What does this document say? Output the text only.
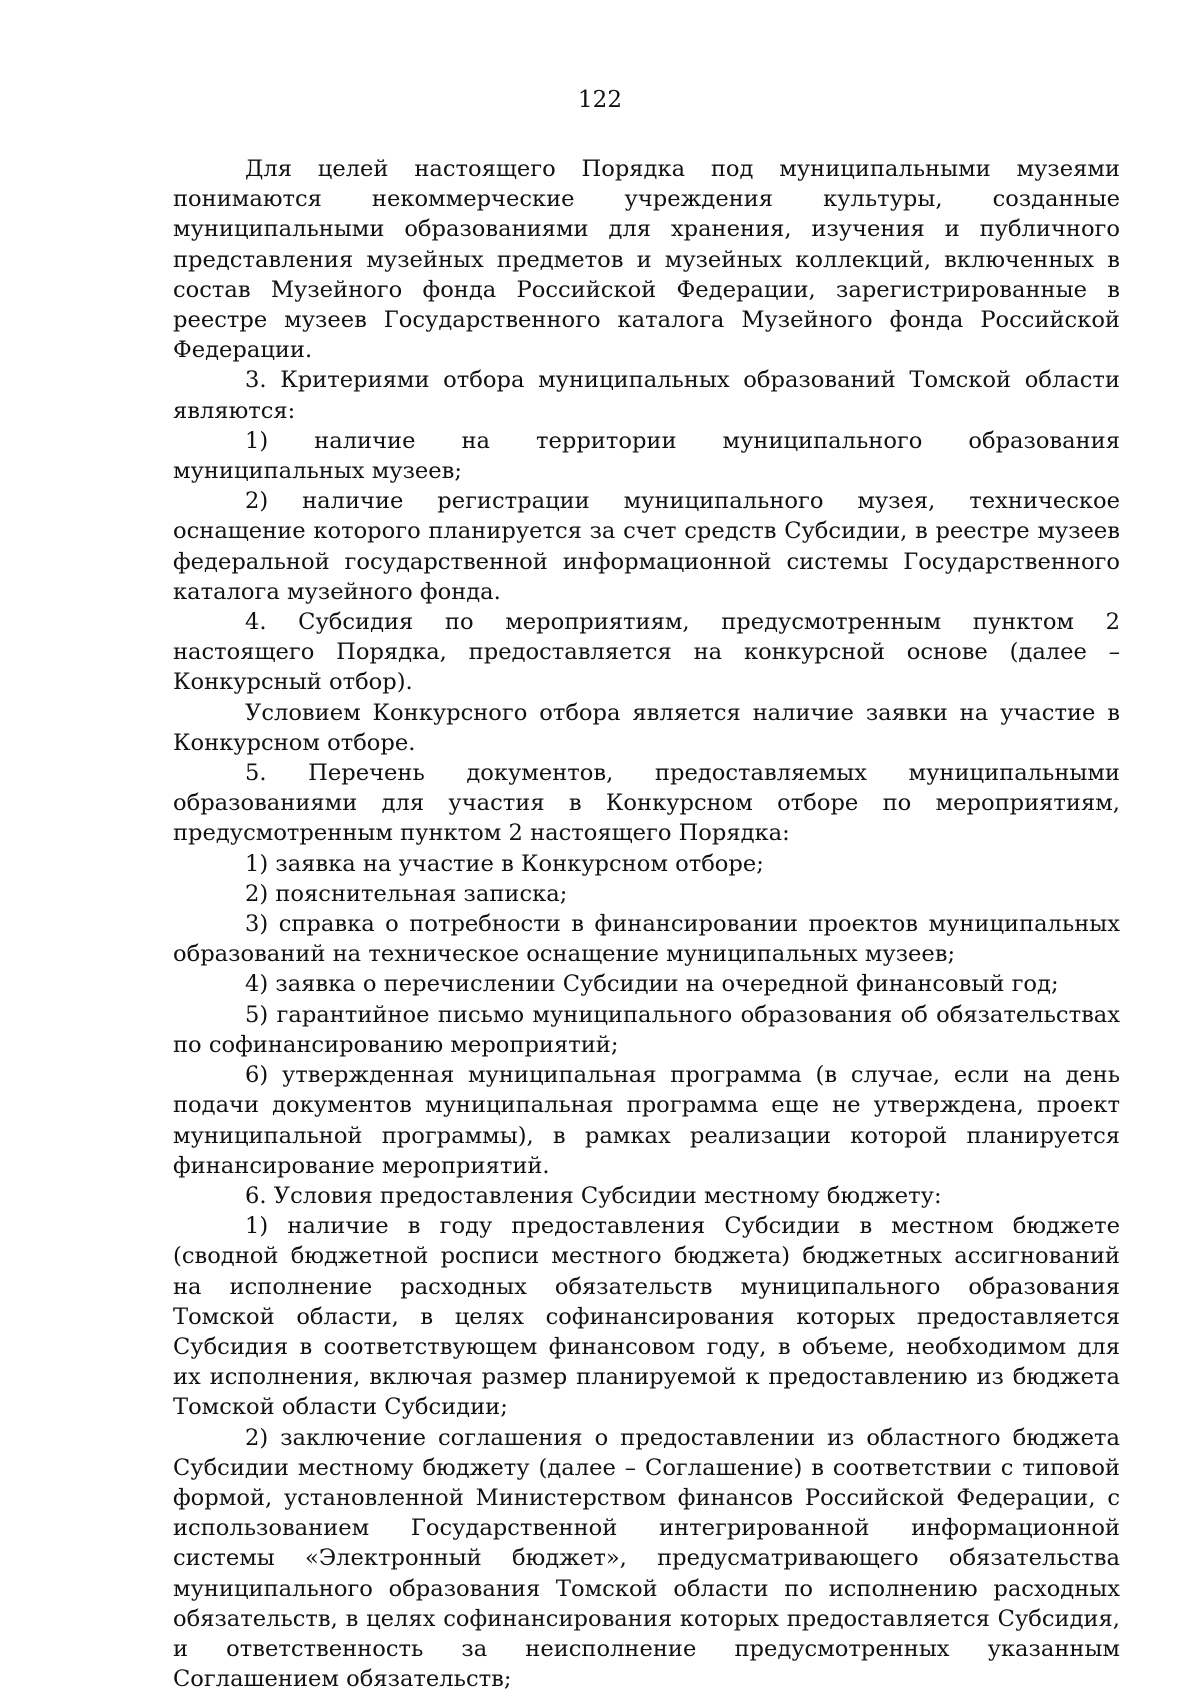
122

Для целей настоящего Порядка под муниципальными музеями понимаются некоммерческие учреждения культуры, созданные муниципальными образованиями для хранения, изучения и публичного представления музейных предметов и музейных коллекций, включенных в состав Музейного фонда Российской Федерации, зарегистрированные в реестре музеев Государственного каталога Музейного фонда Российской Федерации.

3. Критериями отбора муниципальных образований Томской области являются:

1) наличие на территории муниципального образования муниципальных музеев;

2) наличие регистрации муниципального музея, техническое оснащение которого планируется за счет средств Субсидии, в реестре музеев федеральной государственной информационной системы Государственного каталога музейного фонда.

4. Субсидия по мероприятиям, предусмотренным пунктом 2 настоящего Порядка, предоставляется на конкурсной основе (далее – Конкурсный отбор).

Условием Конкурсного отбора является наличие заявки на участие в Конкурсном отборе.

5. Перечень документов, предоставляемых муниципальными образованиями для участия в Конкурсном отборе по мероприятиям, предусмотренным пунктом 2 настоящего Порядка:

1) заявка на участие в Конкурсном отборе;

2) пояснительная записка;

3) справка о потребности в финансировании проектов муниципальных образований на техническое оснащение муниципальных музеев;

4) заявка о перечислении Субсидии на очередной финансовый год;

5) гарантийное письмо муниципального образования об обязательствах по софинансированию мероприятий;

6) утвержденная муниципальная программа (в случае, если на день подачи документов муниципальная программа еще не утверждена, проект муниципальной программы), в рамках реализации которой планируется финансирование мероприятий.

6. Условия предоставления Субсидии местному бюджету:

1) наличие в году предоставления Субсидии в местном бюджете (сводной бюджетной росписи местного бюджета) бюджетных ассигнований на исполнение расходных обязательств муниципального образования Томской области, в целях софинансирования которых предоставляется Субсидия в соответствующем финансовом году, в объеме, необходимом для их исполнения, включая размер планируемой к предоставлению из бюджета Томской области Субсидии;

2) заключение соглашения о предоставлении из областного бюджета Субсидии местному бюджету (далее – Соглашение) в соответствии с типовой формой, установленной Министерством финансов Российской Федерации, с использованием Государственной интегрированной информационной системы «Электронный бюджет», предусматривающего обязательства муниципального образования Томской области по исполнению расходных обязательств, в целях софинансирования которых предоставляется Субсидия, и ответственность за неисполнение предусмотренных указанным Соглашением обязательств;
